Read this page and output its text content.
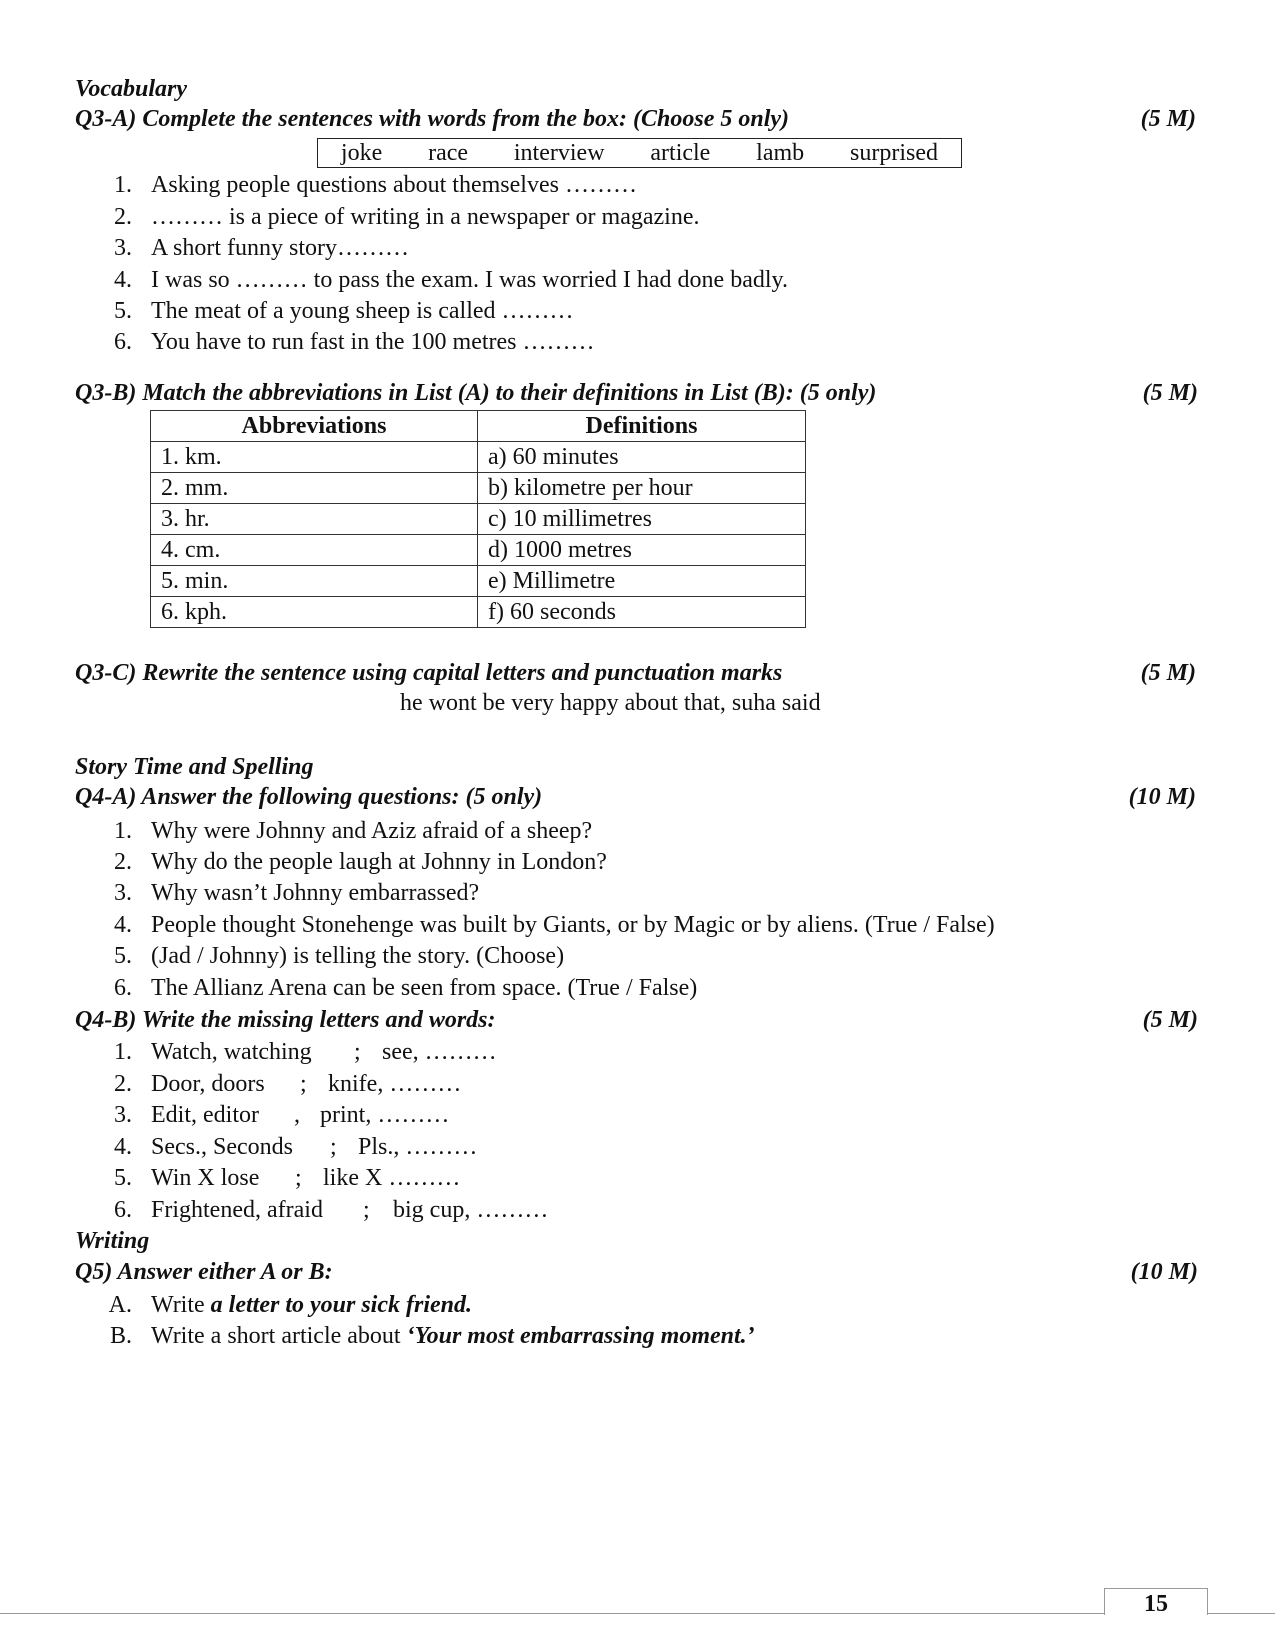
Vocabulary
Q3-A) Complete the sentences with words from the box: (Choose 5 only)	(5 M)
joke race interview article lamb surprised
1. Asking people questions about themselves ………
2. ……… is a piece of writing in a newspaper or magazine.
3. A short funny story………
4. I was so ……… to pass the exam. I was worried I had done badly.
5. The meat of a young sheep is called ………
6. You have to run fast in the 100 metres ………
Q3-B) Match the abbreviations in List (A) to their definitions in List (B): (5 only)	(5 M)
Abbreviations	Definitions
1. km.	a) 60 minutes
2. mm.	b) kilometre per hour
3. hr.	c) 10 millimetres
4. cm.	d) 1000 metres
5. min.	e) Millimetre
6. kph.	f) 60 seconds
Q3-C) Rewrite the sentence using capital letters and punctuation marks	(5 M)
he wont be very happy about that, suha said
Story Time and Spelling
Q4-A) Answer the following questions: (5 only)	(10 M)
1. Why were Johnny and Aziz afraid of a sheep?
2. Why do the people laugh at Johnny in London?
3. Why wasn’t Johnny embarrassed?
4. People thought Stonehenge was built by Giants, or by Magic or by aliens. (True / False)
5. (Jad / Johnny) is telling the story. (Choose)
6. The Allianz Arena can be seen from space. (True / False)
Q4-B) Write the missing letters and words:	(5 M)
1. Watch, watching ; see, ………
2. Door, doors ; knife, ………
3. Edit, editor , print, ………
4. Secs., Seconds ; Pls., ………
5. Win X lose ; like X ………
6. Frightened, afraid ; big cup, ………
Writing
Q5) Answer either A or B:	(10 M)
A. Write a letter to your sick friend.
B. Write a short article about ‘Your most embarrassing moment.’
15
